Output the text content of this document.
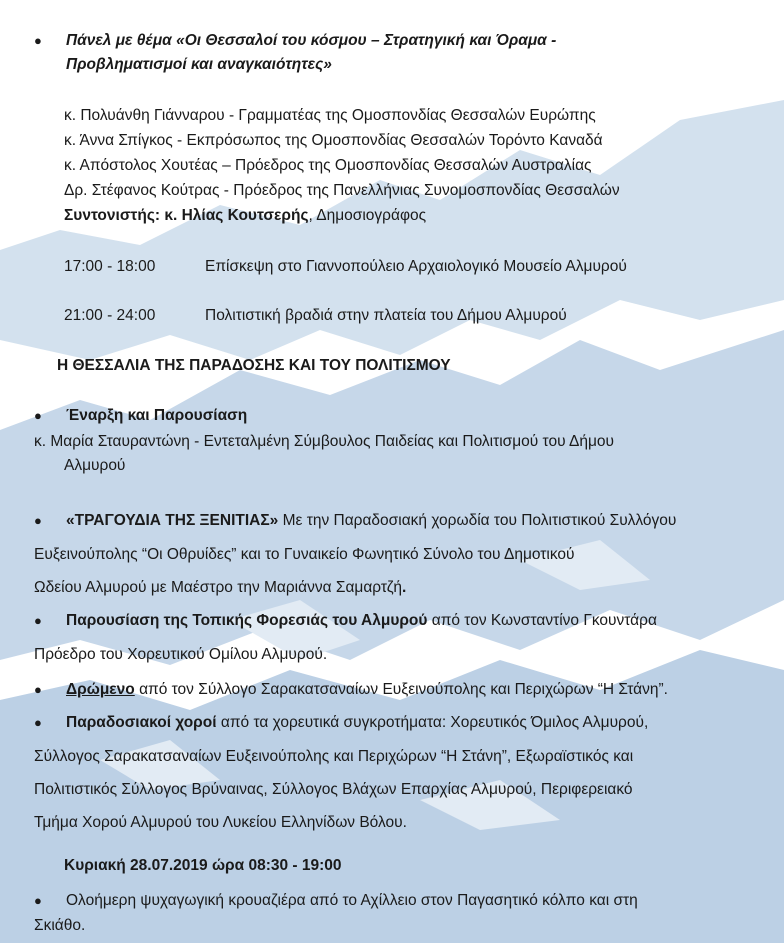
● Πάνελ με θέμα «Οι Θεσσαλοί του κόσμου – Στρατηγική και Όραμα -
Προβληματισμοί και αναγκαιότητες»
κ. Πολυάνθη Γιάνναρου - Γραμματέας της Ομοσπονδίας Θεσσαλών Ευρώπης
κ. Άννα Σπίγκος - Εκπρόσωπος της Ομοσπονδίας Θεσσαλών Τορόντο Καναδά
κ. Απόστολος Χουτέας – Πρόεδρος της Ομοσπονδίας Θεσσαλών Αυστραλίας
Δρ. Στέφανος Κούτρας - Πρόεδρος της Πανελλήνιας Συνομοσπονδίας Θεσσαλών
Συντονιστής: κ. Ηλίας Κουτσερής, Δημοσιογράφος
17:00 - 18:00	Επίσκεψη στο Γιαννοπούλειο Αρχαιολογικό Μουσείο Αλμυρού
21:00 - 24:00	Πολιτιστική βραδιά στην πλατεία του Δήμου Αλμυρού
Η ΘΕΣΣΑΛΙΑ ΤΗΣ ΠΑΡΑΔΟΣΗΣ ΚΑΙ ΤΟΥ ΠΟΛΙΤΙΣΜΟΥ
● Έναρξη και Παρουσίαση
κ. Μαρία Σταυραντώνη - Εντεταλμένη Σύμβουλος Παιδείας και Πολιτισμού του Δήμου
Αλμυρού
● «ΤΡΑΓΟΥΔΙΑ ΤΗΣ ΞΕΝΙΤΙΑΣ» Με την Παραδοσιακή χορωδία του Πολιτιστικού Συλλόγου
Ευξεινούπολης “Οι Οθρυίδες” και το Γυναικείο Φωνητικό Σύνολο του Δημοτικού
Ωδείου Αλμυρού με Μαέστρο την Μαριάννα Σαμαρτζή.
● Παρουσίαση της Τοπικής Φορεσιάς του Αλμυρού από τον Κωνσταντίνο Γκουντάρα
Πρόεδρο του Χορευτικού Ομίλου Αλμυρού.
● Δρώμενο από τον Σύλλογο Σαρακατσαναίων Ευξεινούπολης και Περιχώρων “Η Στάνη”.
● Παραδοσιακοί χοροί από τα χορευτικά συγκροτήματα: Χορευτικός Όμιλος Αλμυρού,
Σύλλογος Σαρακατσαναίων Ευξεινούπολης και Περιχώρων “Η Στάνη”, Εξωραϊστικός και
Πολιτιστικός Σύλλογος Βρύναινας, Σύλλογος Βλάχων Επαρχίας Αλμυρού, Περιφερειακό
Τμήμα Χορού Αλμυρού του Λυκείου Ελληνίδων Βόλου.
Κυριακή 28.07.2019 ώρα 08:30 - 19:00
● Ολοήμερη ψυχαγωγική κρουαζιέρα από το Αχίλλειο στον Παγασητικό κόλπο και στη
Σκιάθο.
